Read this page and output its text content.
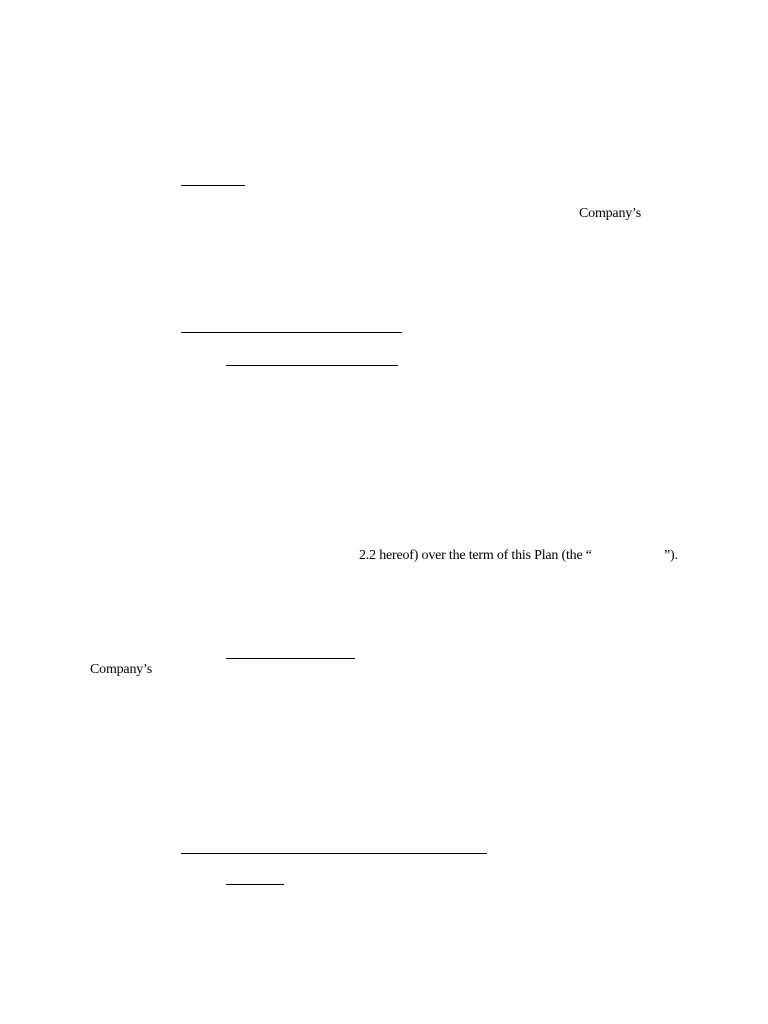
Company’s
2.2 hereof) over the term of this Plan (the “	”).
Company’s
